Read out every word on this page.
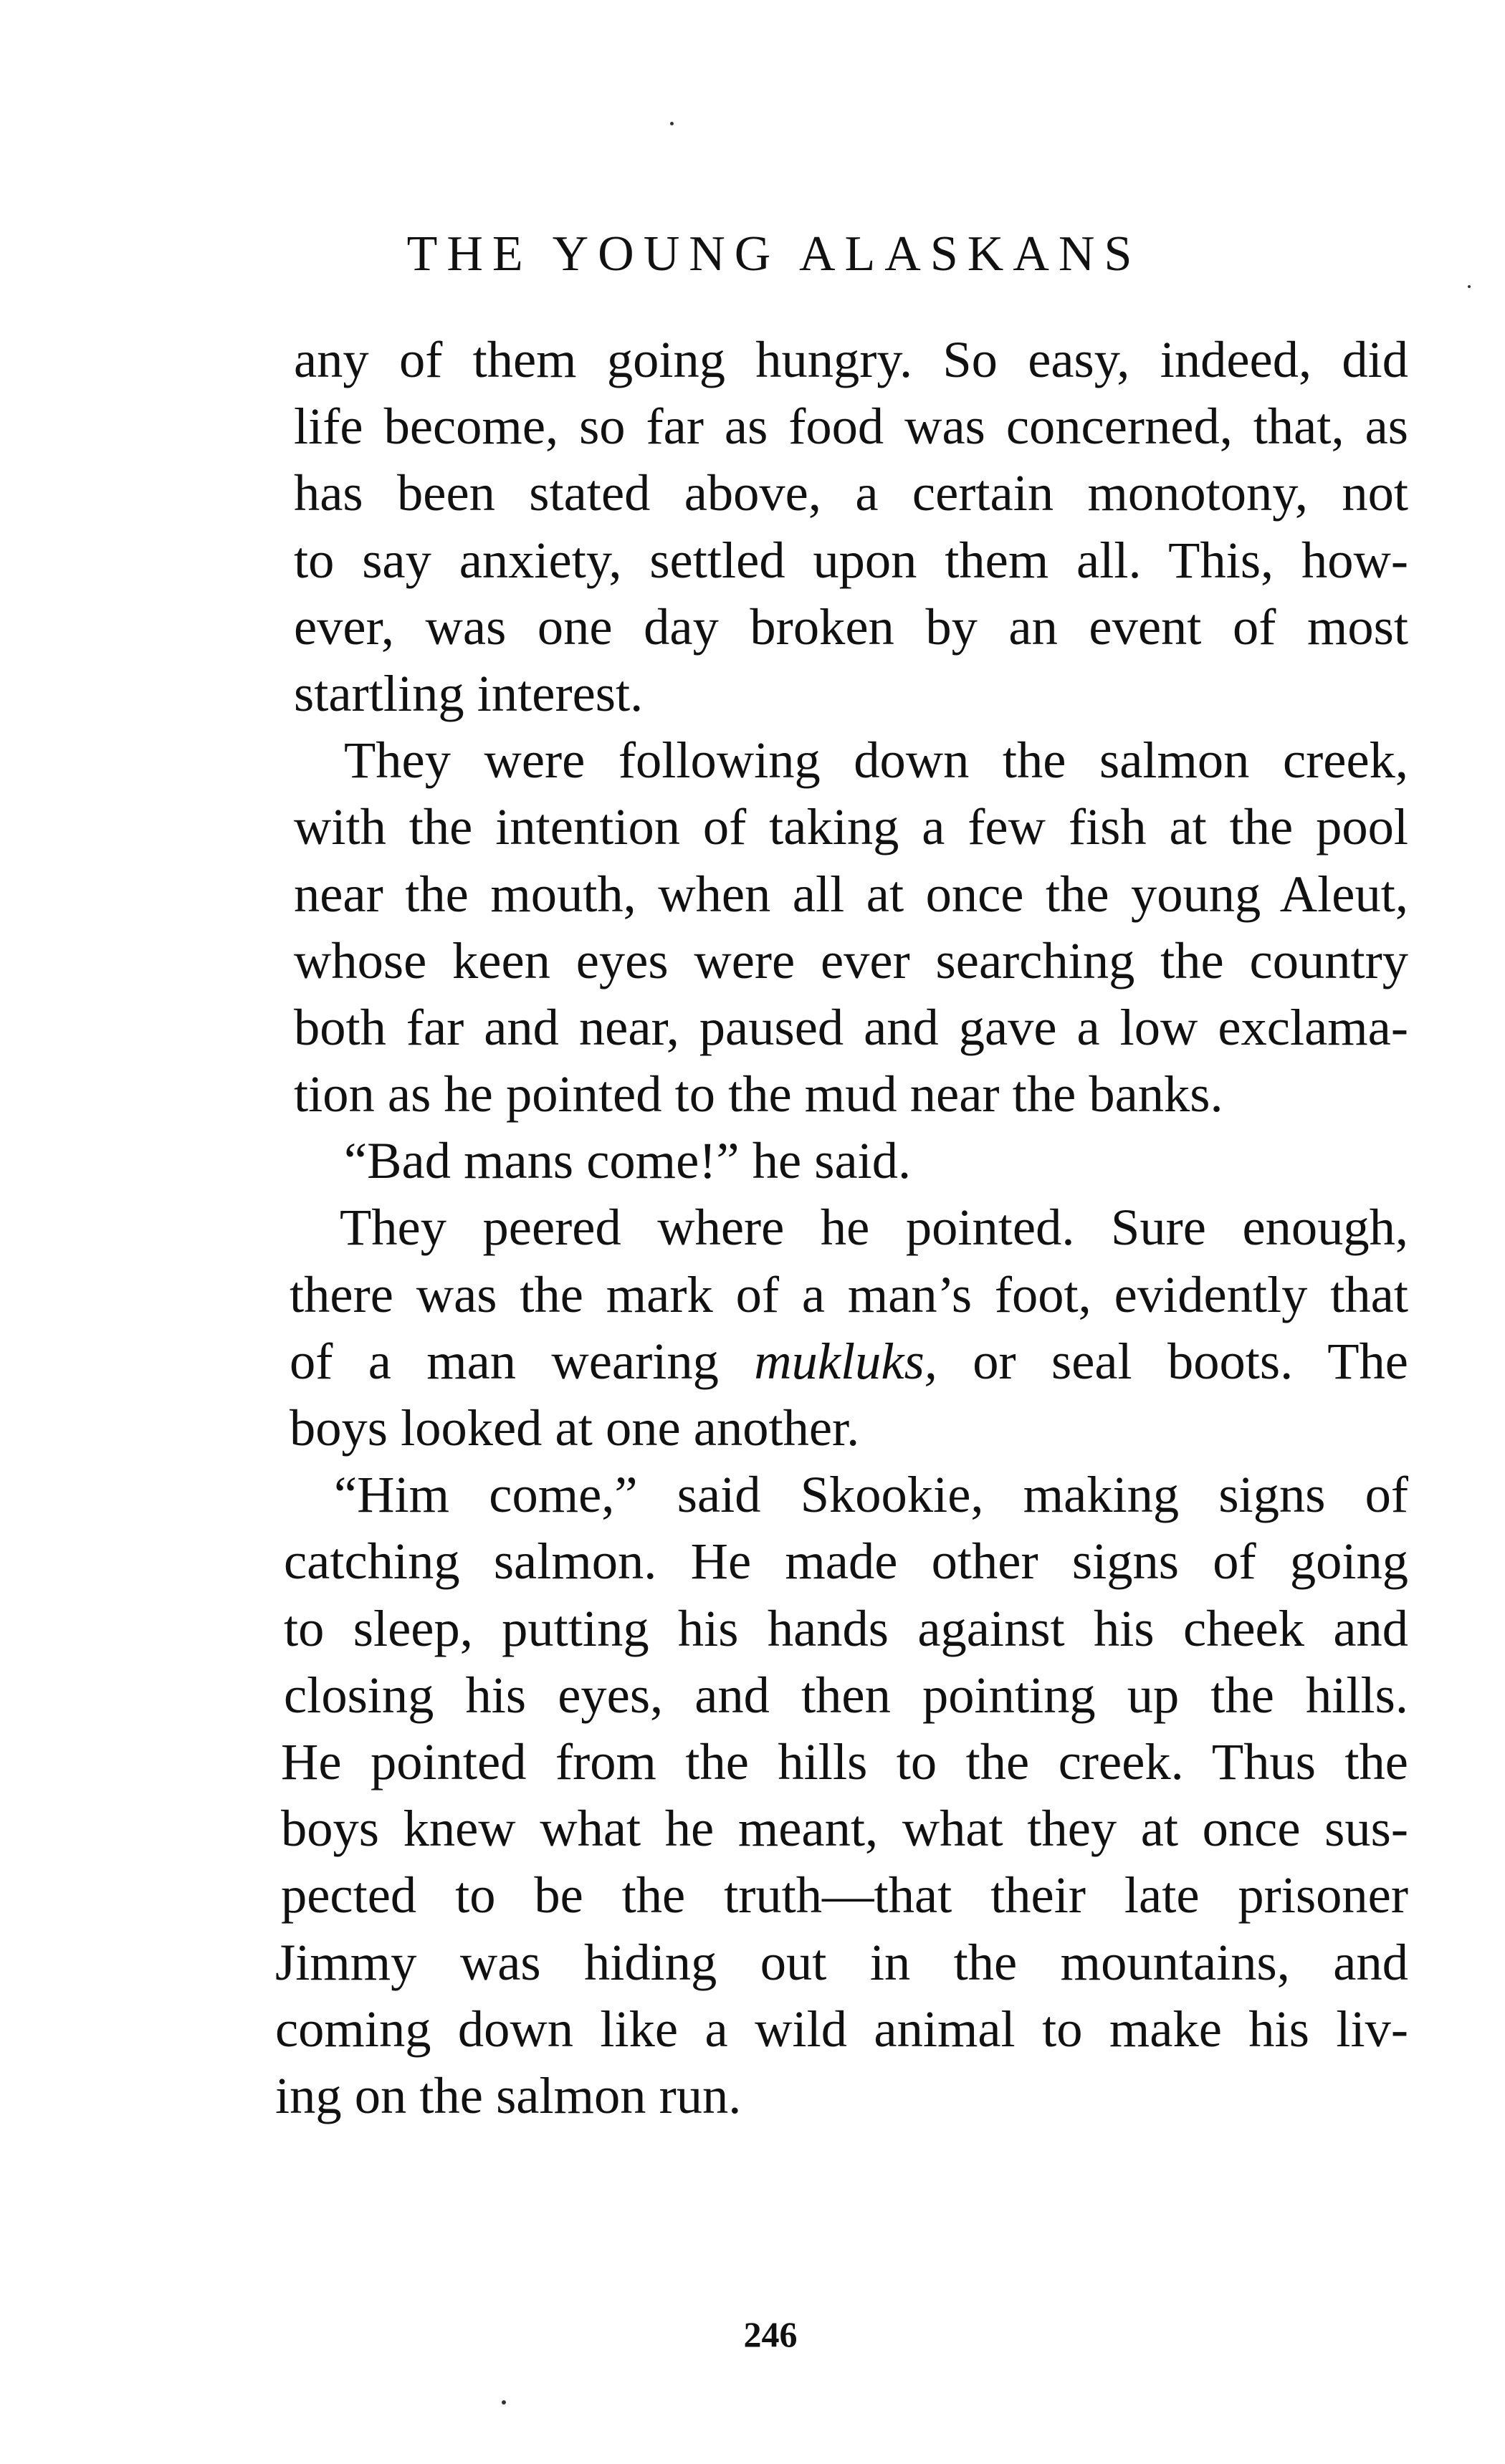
THE YOUNG ALASKANS
any of them going hungry. So easy, indeed, did
life become, so far as food was concerned, that, as
has been stated above, a certain monotony, not
to say anxiety, settled upon them all. This, how-
ever, was one day broken by an event of most
startling interest.
They were following down the salmon creek,
with the intention of taking a few fish at the pool
near the mouth, when all at once the young Aleut,
whose keen eyes were ever searching the country
both far and near, paused and gave a low exclama-
tion as he pointed to the mud near the banks.
“Bad mans come!” he said.
They peered where he pointed. Sure enough,
there was the mark of a man’s foot, evidently that
of a man wearing mukluks, or seal boots. The
boys looked at one another.
“Him come,” said Skookie, making signs of
catching salmon. He made other signs of going
to sleep, putting his hands against his cheek and
closing his eyes, and then pointing up the hills.
He pointed from the hills to the creek. Thus the
boys knew what he meant, what they at once sus-
pected to be the truth—that their late prisoner
Jimmy was hiding out in the mountains, and
coming down like a wild animal to make his liv-
ing on the salmon run.
246
